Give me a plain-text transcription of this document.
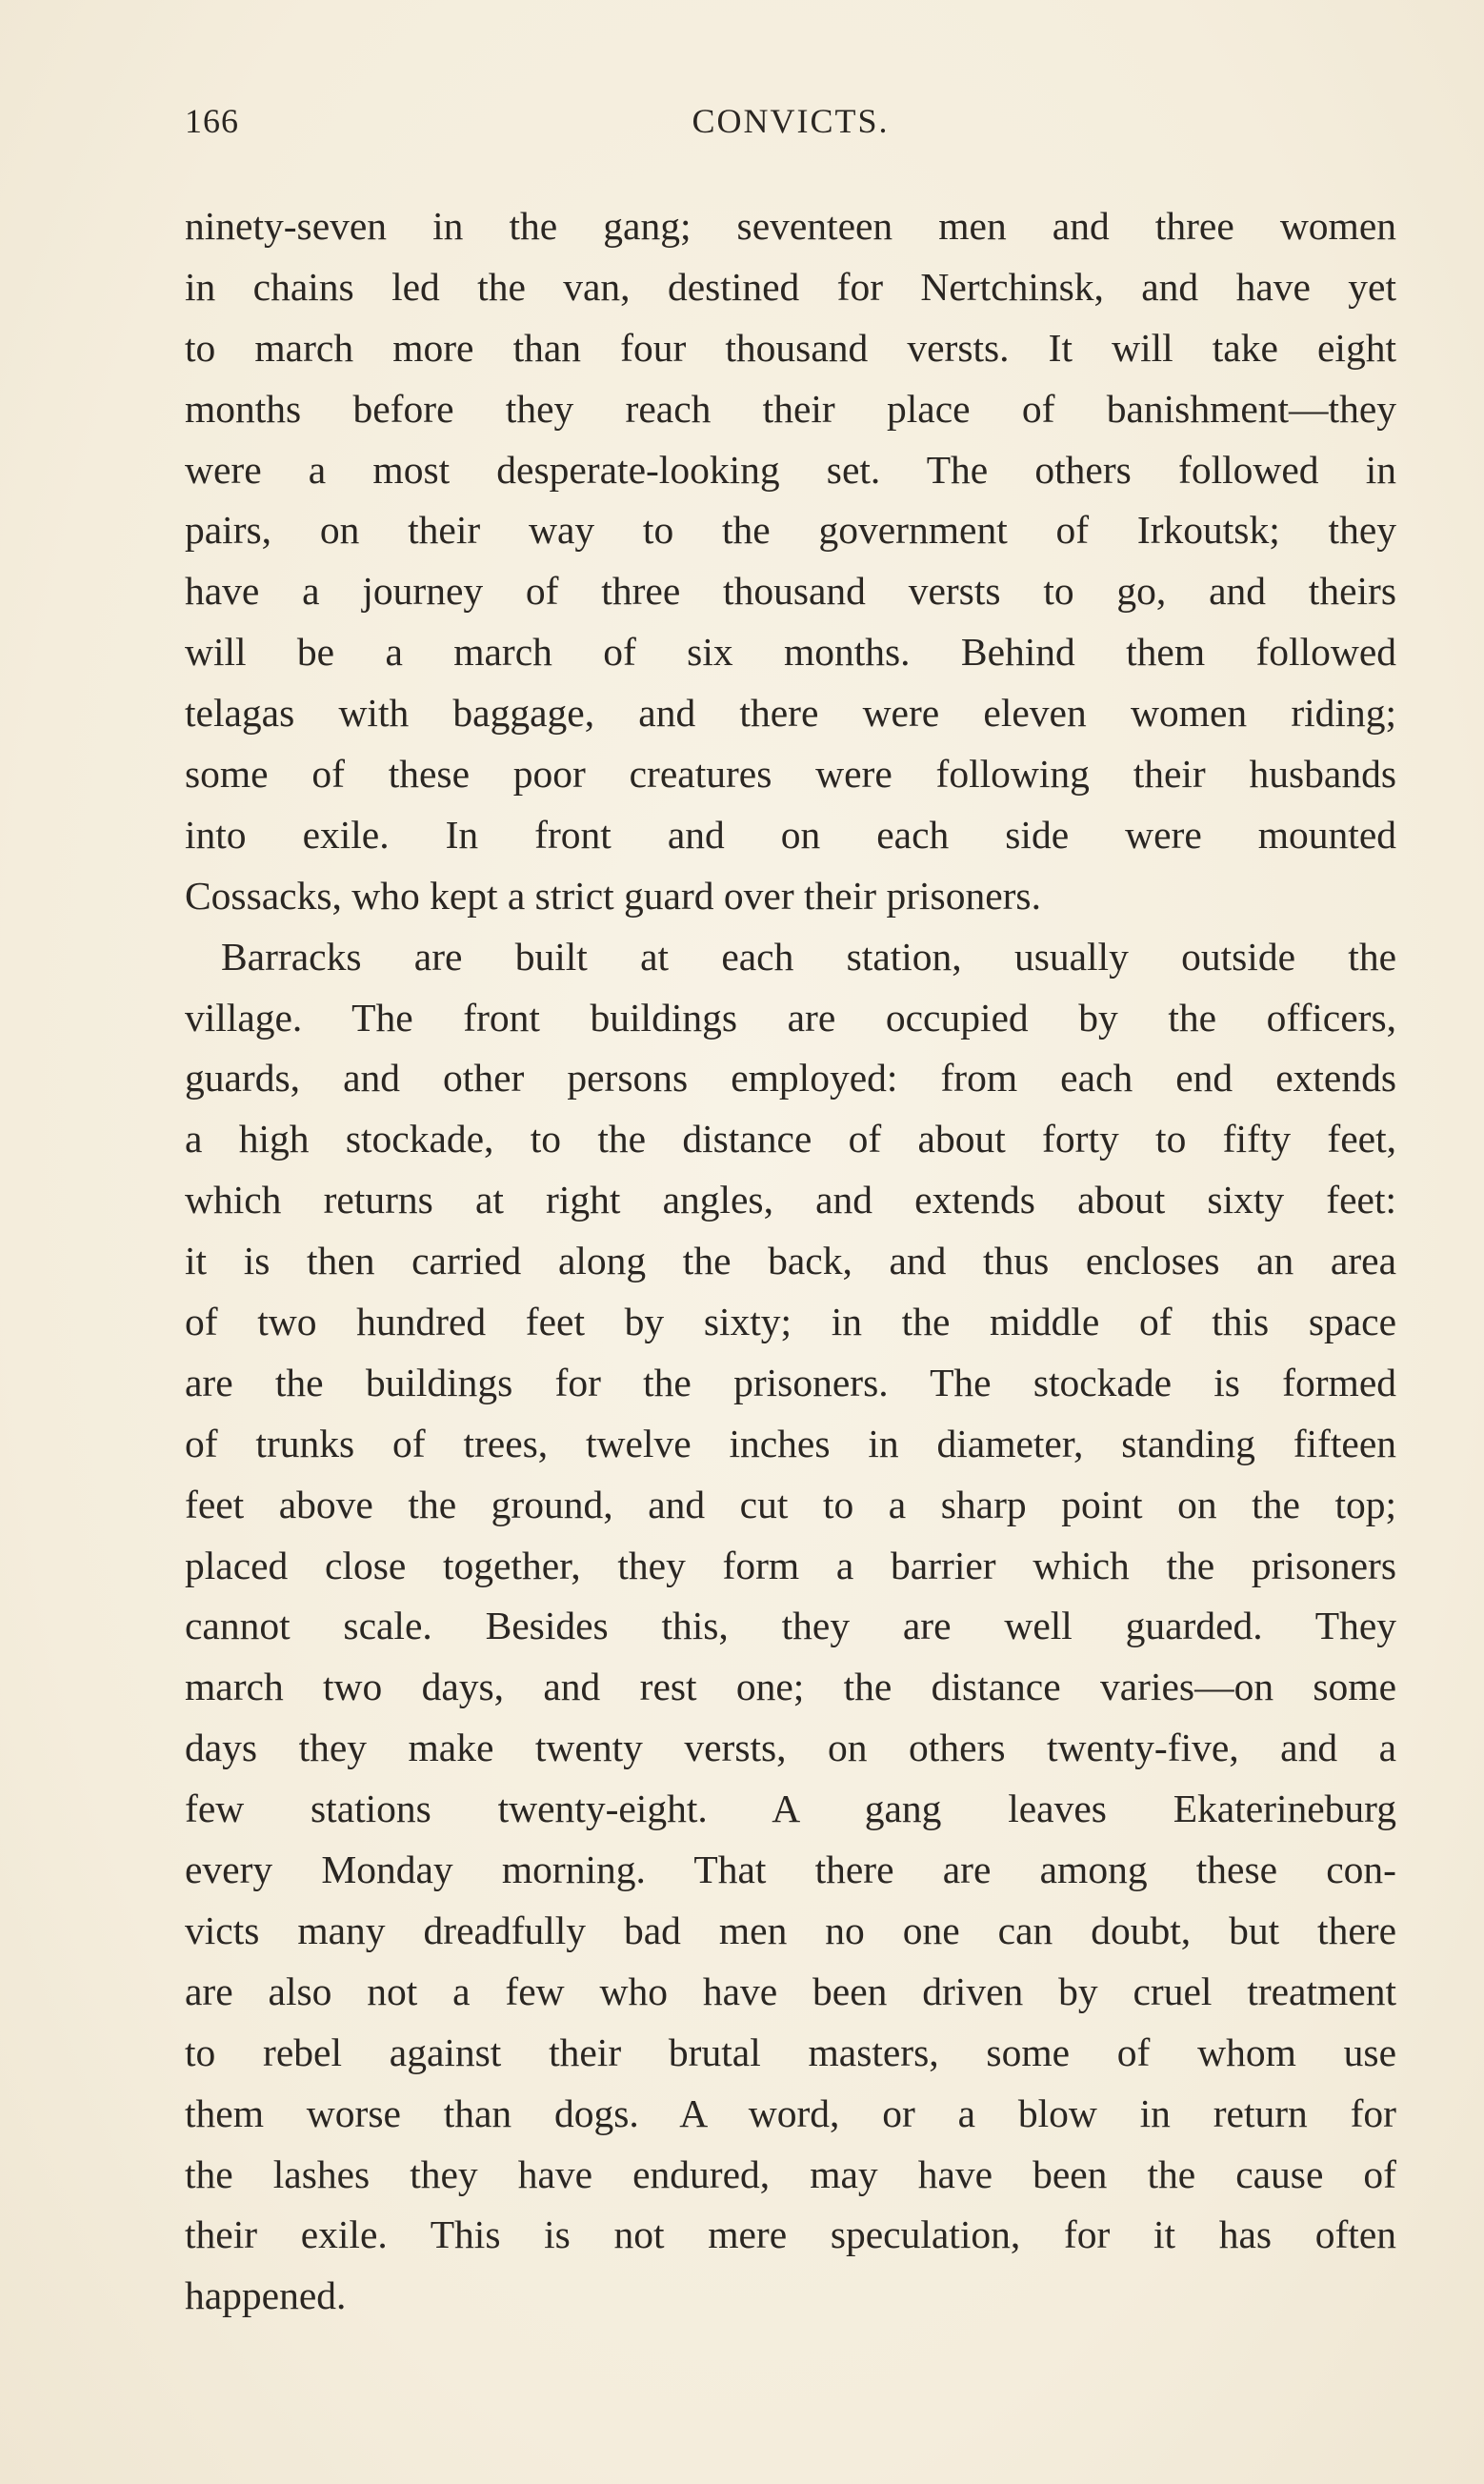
166	CONVICTS.
ninety-seven in the gang; seventeen men and three women
in chains led the van, destined for Nertchinsk, and have yet
to march more than four thousand versts. It will take eight
months before they reach their place of banishment—they
were a most desperate-looking set. The others followed in
pairs, on their way to the government of Irkoutsk; they
have a journey of three thousand versts to go, and theirs
will be a march of six months. Behind them followed
telagas with baggage, and there were eleven women riding;
some of these poor creatures were following their husbands
into exile. In front and on each side were mounted
Cossacks, who kept a strict guard over their prisoners.
Barracks are built at each station, usually outside the
village. The front buildings are occupied by the officers,
guards, and other persons employed: from each end extends
a high stockade, to the distance of about forty to fifty feet,
which returns at right angles, and extends about sixty feet:
it is then carried along the back, and thus encloses an area
of two hundred feet by sixty; in the middle of this space
are the buildings for the prisoners. The stockade is formed
of trunks of trees, twelve inches in diameter, standing fifteen
feet above the ground, and cut to a sharp point on the top;
placed close together, they form a barrier which the prisoners
cannot scale. Besides this, they are well guarded. They
march two days, and rest one; the distance varies—on some
days they make twenty versts, on others twenty-five, and a
few stations twenty-eight. A gang leaves Ekaterineburg
every Monday morning. That there are among these con-
victs many dreadfully bad men no one can doubt, but there
are also not a few who have been driven by cruel treatment
to rebel against their brutal masters, some of whom use
them worse than dogs. A word, or a blow in return for
the lashes they have endured, may have been the cause of
their exile. This is not mere speculation, for it has often
happened.
